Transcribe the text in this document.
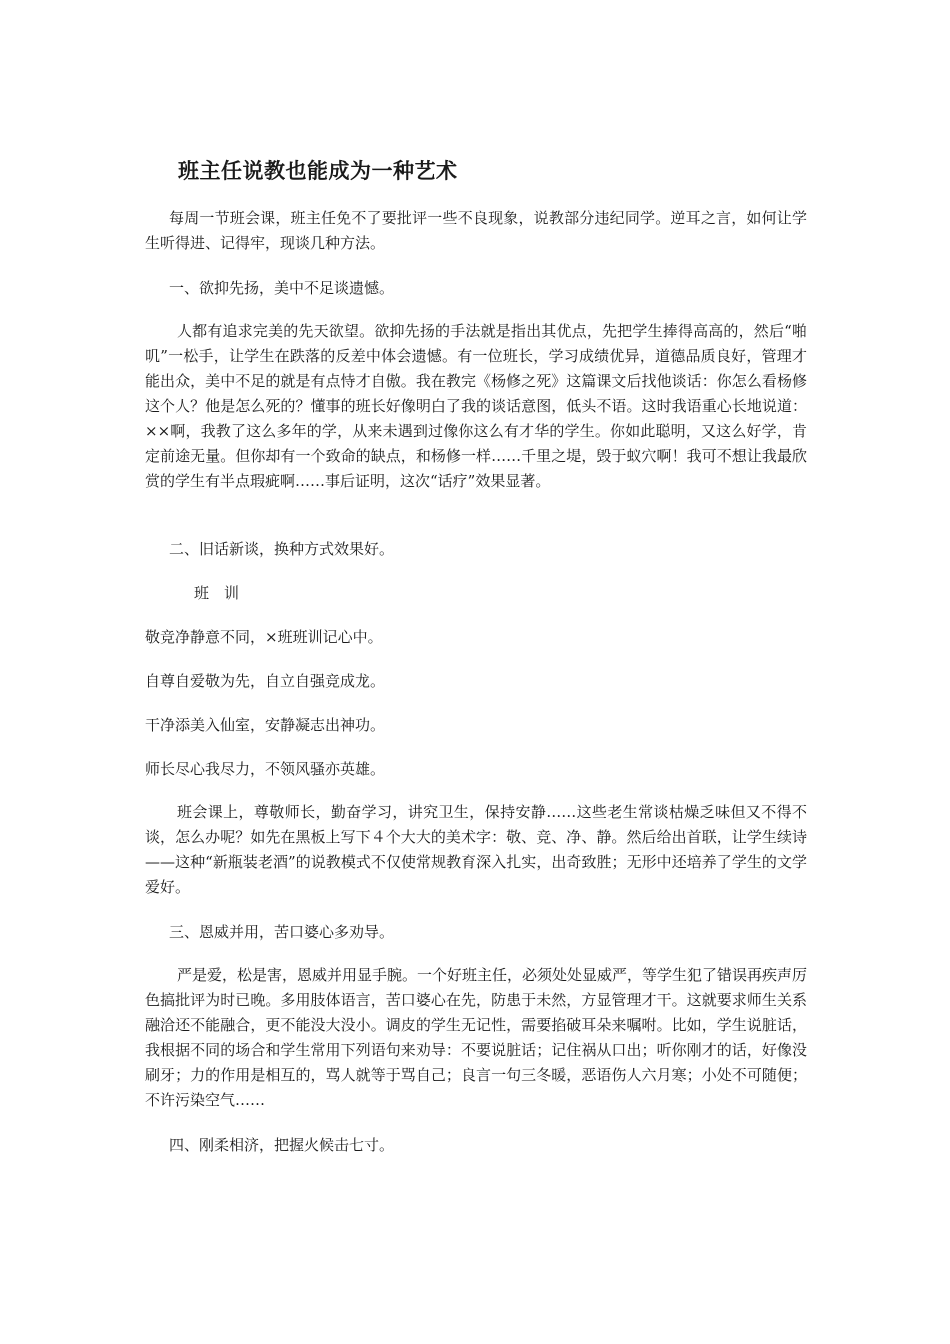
班主任说教也能成为一种艺术

每周一节班会课，班主任免不了要批评一些不良现象，说教部分违纪同学。逆耳之言，如何让学生听得进、记得牢，现谈几种方法。

一、欲抑先扬，美中不足谈遗憾。

人都有追求完美的先天欲望。欲抑先扬的手法就是指出其优点，先把学生捧得高高的，然后“啪叽”一松手，让学生在跌落的反差中体会遗憾。有一位班长，学习成绩优异，道德品质良好，管理才能出众，美中不足的就是有点恃才自傲。我在教完《杨修之死》这篇课文后找他谈话：你怎么看杨修这个人？他是怎么死的？懂事的班长好像明白了我的谈话意图，低头不语。这时我语重心长地说道：××啊，我教了这么多年的学，从来未遇到过像你这么有才华的学生。你如此聪明，又这么好学，肯定前途无量。但你却有一个致命的缺点，和杨修一样……千里之堤，毁于蚁穴啊！我可不想让我最欣赏的学生有半点瑕疵啊……事后证明，这次“话疗”效果显著。

二、旧话新谈，换种方式效果好。

班　训

敬竞净静意不同，×班班训记心中。

自尊自爱敬为先，自立自强竞成龙。

干净添美入仙室，安静凝志出神功。

师长尽心我尽力，不领风骚亦英雄。

班会课上，尊敬师长，勤奋学习，讲究卫生，保持安静……这些老生常谈枯燥乏味但又不得不谈，怎么办呢？如先在黑板上写下４个大大的美术字：敬、竞、净、静。然后给出首联，让学生续诗——这种“新瓶装老酒”的说教模式不仅使常规教育深入扎实，出奇致胜；无形中还培养了学生的文学爱好。

三、恩威并用，苦口婆心多劝导。

严是爱，松是害，恩威并用显手腕。一个好班主任，必须处处显威严，等学生犯了错误再疾声厉色搞批评为时已晚。多用肢体语言，苦口婆心在先，防患于未然，方显管理才干。这就要求师生关系融洽还不能融合，更不能没大没小。调皮的学生无记性，需要掐破耳朵来嘱咐。比如，学生说脏话，我根据不同的场合和学生常用下列语句来劝导：不要说脏话；记住祸从口出；听你刚才的话，好像没刷牙；力的作用是相互的，骂人就等于骂自己；良言一句三冬暖，恶语伤人六月寒；小处不可随便；不许污染空气……

四、刚柔相济，把握火候击七寸。
